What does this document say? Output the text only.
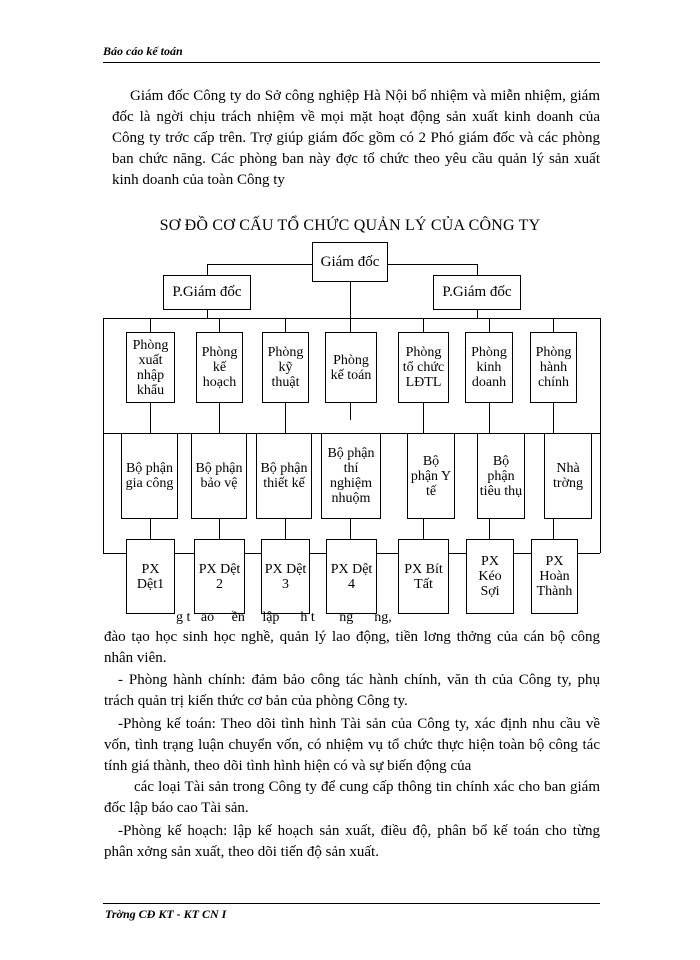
Báo cáo kế toán
Giám đốc Công ty do Sở công nghiệp Hà Nội bổ nhiệm và miễn nhiệm, giám đốc là ngời chịu trách nhiệm về mọi mặt hoạt động sản xuất kinh doanh của Công ty trớc cấp trên. Trợ giúp giám đốc gồm có 2 Phó giám đốc và các phòng ban chức năng. Các phòng ban này đợc tổ chức theo yêu cầu quản lý sản xuất kinh doanh của toàn Công ty
SƠ ĐỒ CƠ CẤU TỔ CHỨC QUẢN LÝ CỦA CÔNG TY
Giám đốc
P.Giám đốc	P.Giám đốc
Phòng xuất nhập khẩu
Phòng kế hoạch
Phòng kỹ thuật
Phòng kế toán
Phòng tổ chức LĐTL
Phòng kinh doanh
Phòng hành chính
Bộ phận gia công
Bộ phận bảo vệ
Bộ phận thiết kế
Bộ phận thí nghiệm nhuộm
Bộ phận Y tế
Bộ phận tiêu thụ
Nhà trờng
PX Dệt1
PX Dệt 2
PX Dệt 3
PX Dệt 4
PX Bít Tất
PX Kéo Sợi
PX Hoàn Thành
g t   ao     ền     lập      h t       ng      ng,
đào tạo học sinh học nghề, quản lý lao động, tiền lơng thởng của cán bộ công nhân viên.
- Phòng hành chính: đảm bảo công tác hành chính, văn th của Công ty, phụ trách quản trị kiến thức cơ bản của phòng Công ty.
-Phòng kế toán: Theo dõi tình hình Tài sản của Công ty, xác định nhu cầu về vốn, tình trạng luận chuyển vốn, có nhiệm vụ tổ chức thực hiện toàn bộ công tác tính giá thành, theo dõi tình hình hiện có và sự biến động của
các loại Tài sản trong Công ty để cung cấp thông tin chính xác cho ban giám đốc lập báo cao Tài sản.
-Phòng kế hoạch: lập kế hoạch sản xuất, điều độ, phân bổ kế toán cho từng phân xởng sản xuất, theo dõi tiến độ sản xuất.
Trờng CĐ KT - KT CN I
